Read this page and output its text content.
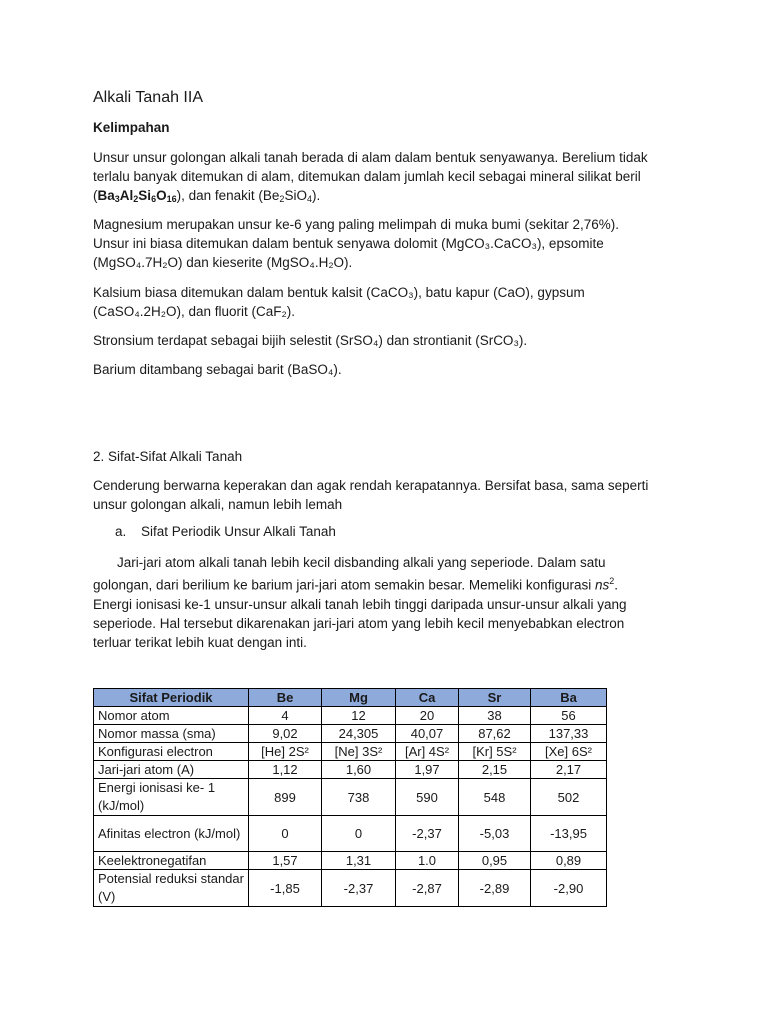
Alkali Tanah IIA
Kelimpahan
Unsur unsur golongan alkali tanah berada di alam dalam bentuk senyawanya. Berelium tidak
terlalu banyak ditemukan di alam, ditemukan dalam jumlah kecil sebagai mineral silikat beril
$(Ba_3Al_2Si_6O_{16})$, dan fenakit $(Be_2SiO_4)$.
Magnesium merupakan unsur ke-6 yang paling melimpah di muka bumi (sekitar 2,76%).
Unsur ini biasa ditemukan dalam bentuk senyawa dolomit (MgCO₃.CaCO₃), epsomite
(MgSO₄.7H₂O) dan kieserite (MgSO₄.H₂O).
Kalsium biasa ditemukan dalam bentuk kalsit (CaCO₃), batu kapur (CaO), gypsum
(CaSO₄.2H₂O), dan fluorit (CaF₂).
Stronsium terdapat sebagai bijih selestit (SrSO₄) dan strontianit (SrCO₃).
Barium ditambang sebagai barit (BaSO₄).
2. Sifat-Sifat Alkali Tanah
Cenderung berwarna keperakan dan agak rendah kerapatannya. Bersifat basa, sama seperti
unsur golongan alkali, namun lebih lemah
a. Sifat Periodik Unsur Alkali Tanah
Jari-jari atom alkali tanah lebih kecil disbanding alkali yang seperiode. Dalam satu
golongan, dari berilium ke barium jari-jari atom semakin besar. Memeliki konfigurasi $ns^2$.
Energi ionisasi ke-1 unsur-unsur alkali tanah lebih tinggi daripada unsur-unsur alkali yang
seperiode. Hal tersebut dikarenakan jari-jari atom yang lebih kecil menyebabkan electron
terluar terikat lebih kuat dengan inti.
Sifat Periodik	Be	Mg	Ca	Sr	Ba
Nomor atom	4	12	20	38	56
Nomor massa (sma)	9,02	24,305	40,07	87,62	137,33
Konfigurasi electron	[He] 2S²	[Ne] 3S²	[Ar] 4S²	[Kr] 5S²	[Xe] 6S²
Jari-jari atom (A)	1,12	1,60	1,97	2,15	2,17
Energi ionisasi ke- 1 (kJ/mol)	899	738	590	548	502
Afinitas electron (kJ/mol)	0	0	-2,37	-5,03	-13,95
Keelektronegatifan	1,57	1,31	1.0	0,95	0,89
Potensial reduksi standar (V)	-1,85	-2,37	-2,87	-2,89	-2,90
